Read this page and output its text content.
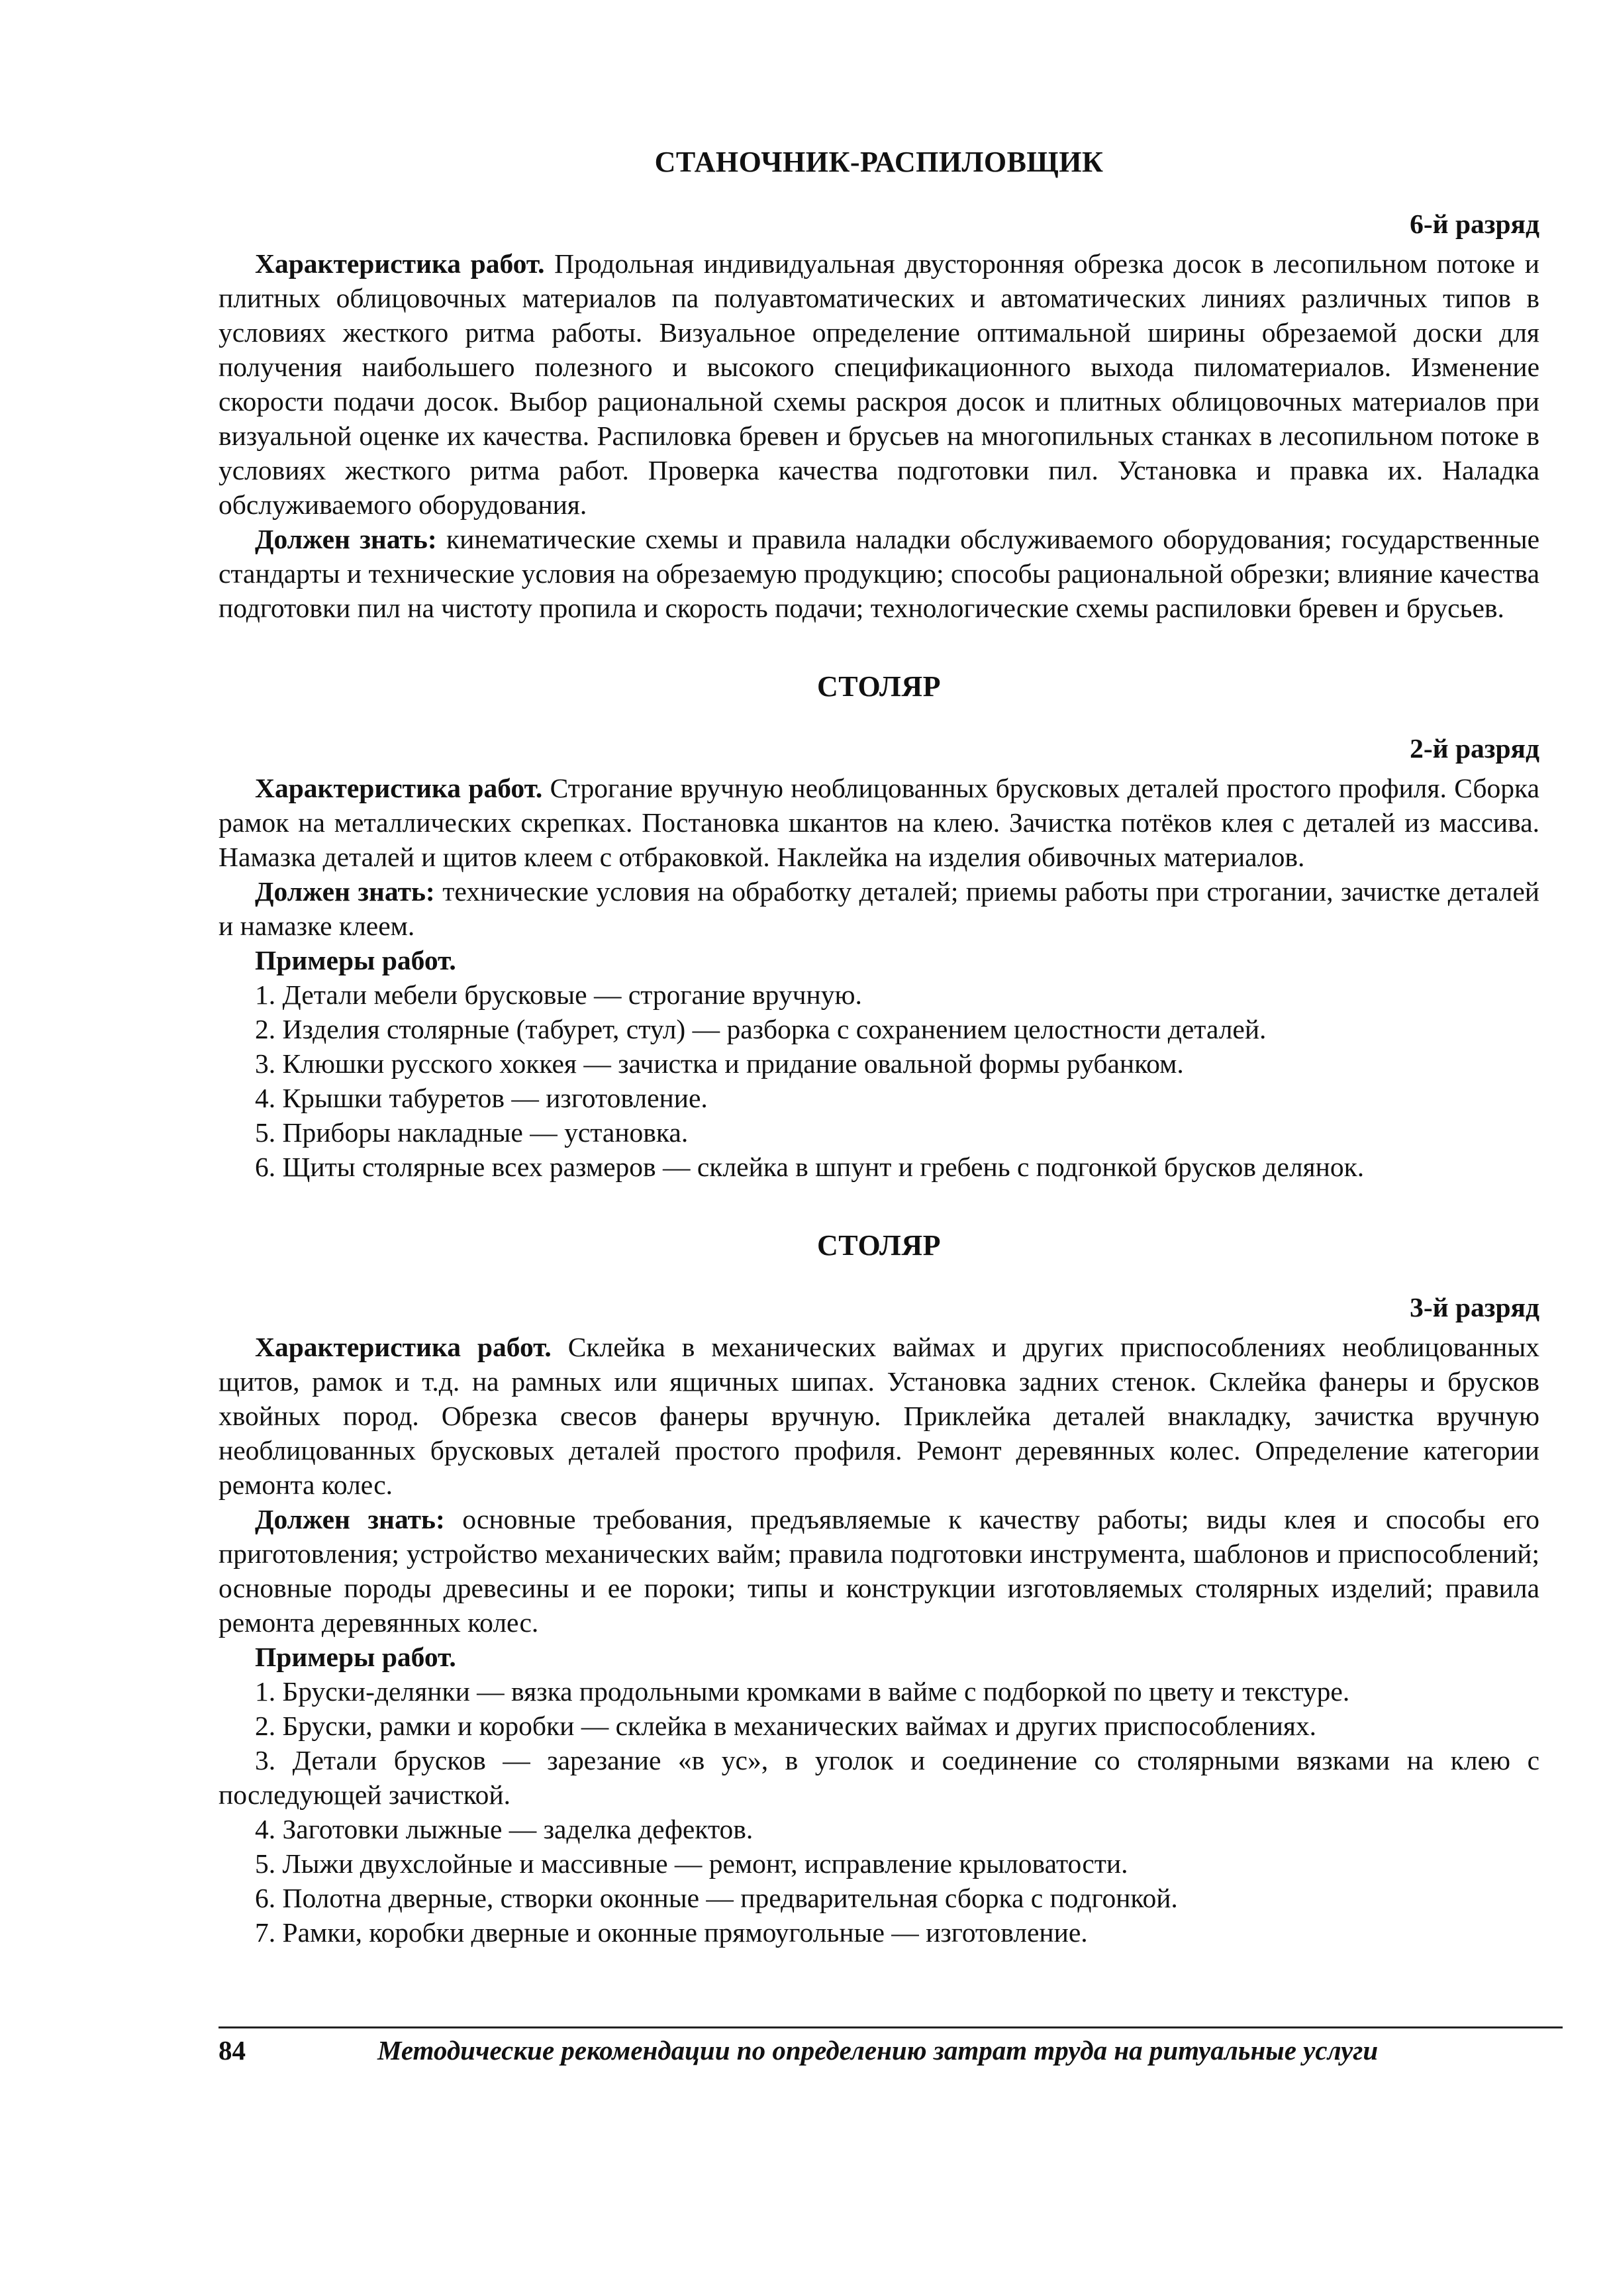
СТАНОЧНИК-РАСПИЛОВЩИК
6-й разряд

Характеристика работ. Продольная индивидуальная двусторонняя обрезка досок в лесопильном потоке и плитных облицовочных материалов па полуавтоматических и автоматических линиях различных типов в условиях жесткого ритма работы. Визуальное определение оптимальной ширины обрезаемой доски для получения наибольшего полезного и высокого спецификационного выхода пиломатериалов. Изменение скорости подачи досок. Выбор рациональной схемы раскроя досок и плитных облицовочных материалов при визуальной оценке их качества. Распиловка бревен и брусьев на многопильных станках в лесопильном потоке в условиях жесткого ритма работ. Проверка качества подготовки пил. Установка и правка их. Наладка обслуживаемого оборудования.

Должен знать: кинематические схемы и правила наладки обслуживаемого оборудования; государственные стандарты и технические условия на обрезаемую продукцию; способы рациональной обрезки; влияние качества подготовки пил на чистоту пропила и скорость подачи; технологические схемы распиловки бревен и брусьев.

СТОЛЯР
2-й разряд

Характеристика работ. Строгание вручную необлицованных брусковых деталей простого профиля. Сборка рамок на металлических скрепках. Постановка шкантов на клею. Зачистка потёков клея с деталей из массива. Намазка деталей и щитов клеем с отбраковкой. Наклейка на изделия обивочных материалов.

Должен знать: технические условия на обработку деталей; приемы работы при строгании, зачистке деталей и намазке клеем.

Примеры работ.

1. Детали мебели брусковые — строгание вручную.

2. Изделия столярные (табурет, стул) — разборка с сохранением целостности деталей.

3. Клюшки русского хоккея — зачистка и придание овальной формы рубанком.

4. Крышки табуретов — изготовление.

5. Приборы накладные — установка.

6. Щиты столярные всех размеров — склейка в шпунт и гребень с подгонкой брусков делянок.

СТОЛЯР
3-й разряд

Характеристика работ. Склейка в механических ваймах и других приспособлениях необлицованных щитов, рамок и т.д. на рамных или ящичных шипах. Установка задних стенок. Склейка фанеры и брусков хвойных пород. Обрезка свесов фанеры вручную. Приклейка деталей внакладку, зачистка вручную необлицованных брусковых деталей простого профиля. Ремонт деревянных колес. Определение категории ремонта колес.

Должен знать: основные требования, предъявляемые к качеству работы; виды клея и способы его приготовления; устройство механических вайм; правила подготовки инструмента, шаблонов и приспособлений; основные породы древесины и ее пороки; типы и конструкции изготовляемых столярных изделий; правила ремонта деревянных колес.

Примеры работ.

1. Бруски-делянки — вязка продольными кромками в вайме с подборкой по цвету и текстуре.

2. Бруски, рамки и коробки — склейка в механических ваймах и других приспособлениях.

3. Детали брусков — зарезание «в ус», в уголок и соединение со столярными вязками на клею с последующей зачисткой.

4. Заготовки лыжные — заделка дефектов.

5. Лыжи двухслойные и массивные — ремонт, исправление крыловатости.

6. Полотна дверные, створки оконные — предварительная сборка с подгонкой.

7. Рамки, коробки дверные и оконные прямоугольные — изготовление.

84	Методические рекомендации по определению затрат труда на ритуальные услуги
